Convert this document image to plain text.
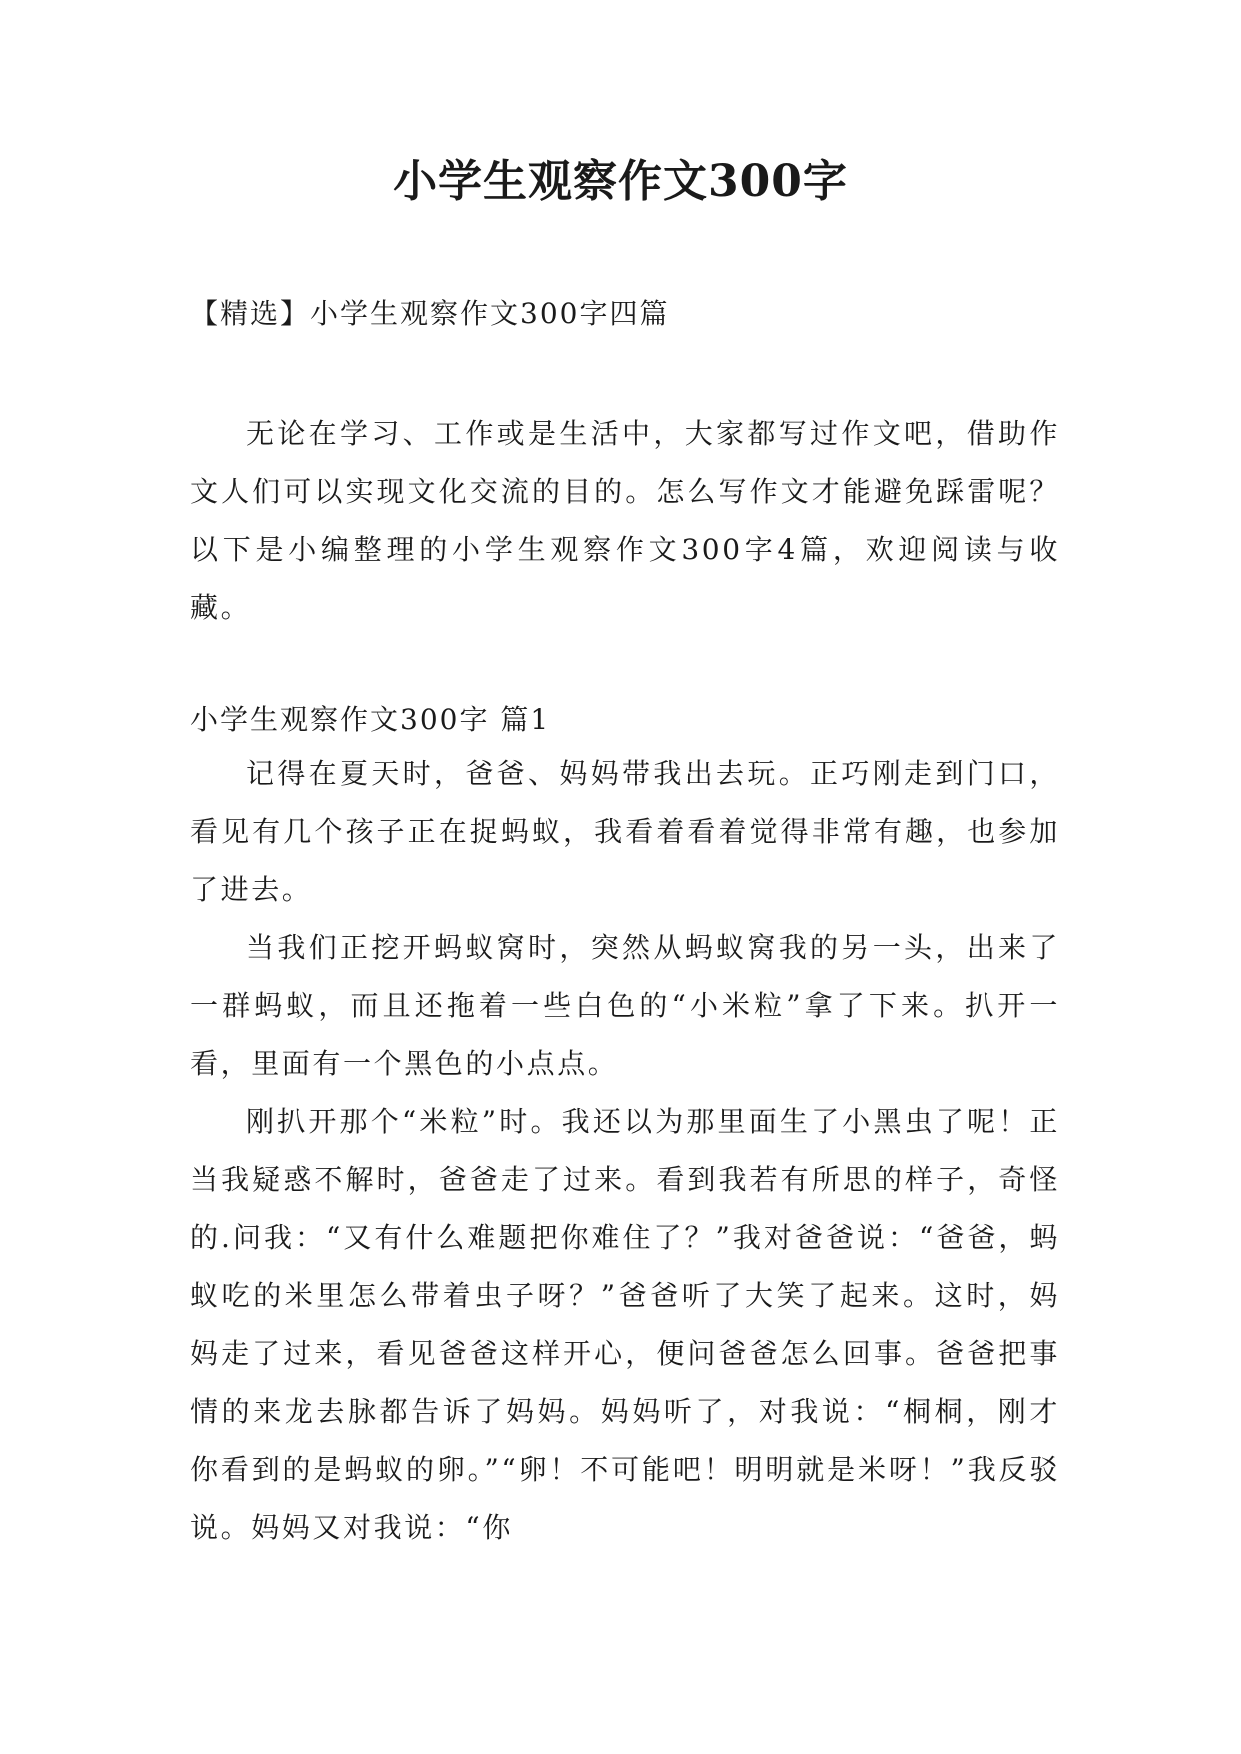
小学生观察作文300字
【精选】小学生观察作文300字四篇

无论在学习、工作或是生活中，大家都写过作文吧，借助作文人们可以实现文化交流的目的。怎么写作文才能避免踩雷呢？以下是小编整理的小学生观察作文300字4篇，欢迎阅读与收藏。

小学生观察作文300字 篇1

记得在夏天时，爸爸、妈妈带我出去玩。正巧刚走到门口，看见有几个孩子正在捉蚂蚁，我看着看着觉得非常有趣，也参加了进去。

当我们正挖开蚂蚁窝时，突然从蚂蚁窝我的另一头，出来了一群蚂蚁，而且还拖着一些白色的“小米粒”拿了下来。扒开一看，里面有一个黑色的小点点。

刚扒开那个“米粒”时。我还以为那里面生了小黑虫了呢！正当我疑惑不解时，爸爸走了过来。看到我若有所思的样子，奇怪的.问我：“又有什么难题把你难住了？”我对爸爸说：“爸爸，蚂蚁吃的米里怎么带着虫子呀？”爸爸听了大笑了起来。这时，妈妈走了过来，看见爸爸这样开心，便问爸爸怎么回事。爸爸把事情的来龙去脉都告诉了妈妈。妈妈听了，对我说：“桐桐，刚才你看到的是蚂蚁的卵。”“卵！不可能吧！明明就是米呀！”我反驳说。妈妈又对我说：“你
